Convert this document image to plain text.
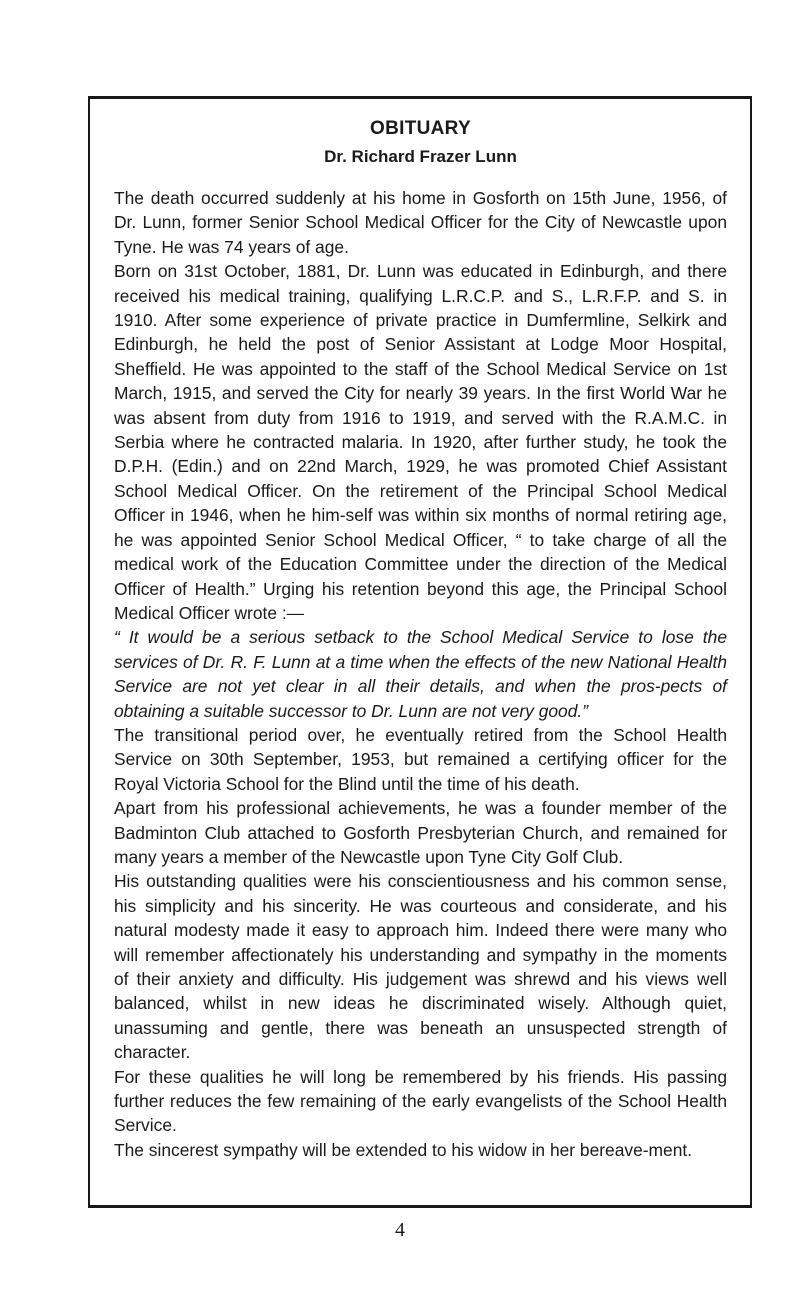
OBITUARY
Dr. Richard Frazer Lunn

The death occurred suddenly at his home in Gosforth on 15th June, 1956, of Dr. Lunn, former Senior School Medical Officer for the City of Newcastle upon Tyne. He was 74 years of age.

Born on 31st October, 1881, Dr. Lunn was educated in Edinburgh, and there received his medical training, qualifying L.R.C.P. and S., L.R.F.P. and S. in 1910. After some experience of private practice in Dumfermline, Selkirk and Edinburgh, he held the post of Senior Assistant at Lodge Moor Hospital, Sheffield. He was appointed to the staff of the School Medical Service on 1st March, 1915, and served the City for nearly 39 years. In the first World War he was absent from duty from 1916 to 1919, and served with the R.A.M.C. in Serbia where he contracted malaria. In 1920, after further study, he took the D.P.H. (Edin.) and on 22nd March, 1929, he was promoted Chief Assistant School Medical Officer. On the retirement of the Principal School Medical Officer in 1946, when he him-self was within six months of normal retiring age, he was appointed Senior School Medical Officer, “ to take charge of all the medical work of the Education Committee under the direction of the Medical Officer of Health.” Urging his retention beyond this age, the Principal School Medical Officer wrote :—

“ It would be a serious setback to the School Medical Service to lose the services of Dr. R. F. Lunn at a time when the effects of the new National Health Service are not yet clear in all their details, and when the pros-pects of obtaining a suitable successor to Dr. Lunn are not very good.”

The transitional period over, he eventually retired from the School Health Service on 30th September, 1953, but remained a certifying officer for the Royal Victoria School for the Blind until the time of his death.

Apart from his professional achievements, he was a founder member of the Badminton Club attached to Gosforth Presbyterian Church, and remained for many years a member of the Newcastle upon Tyne City Golf Club.

His outstanding qualities were his conscientiousness and his common sense, his simplicity and his sincerity. He was courteous and considerate, and his natural modesty made it easy to approach him. Indeed there were many who will remember affectionately his understanding and sympathy in the moments of their anxiety and difficulty. His judgement was shrewd and his views well balanced, whilst in new ideas he discriminated wisely. Although quiet, unassuming and gentle, there was beneath an unsuspected strength of character.

For these qualities he will long be remembered by his friends. His passing further reduces the few remaining of the early evangelists of the School Health Service.

The sincerest sympathy will be extended to his widow in her bereave-ment.

4
